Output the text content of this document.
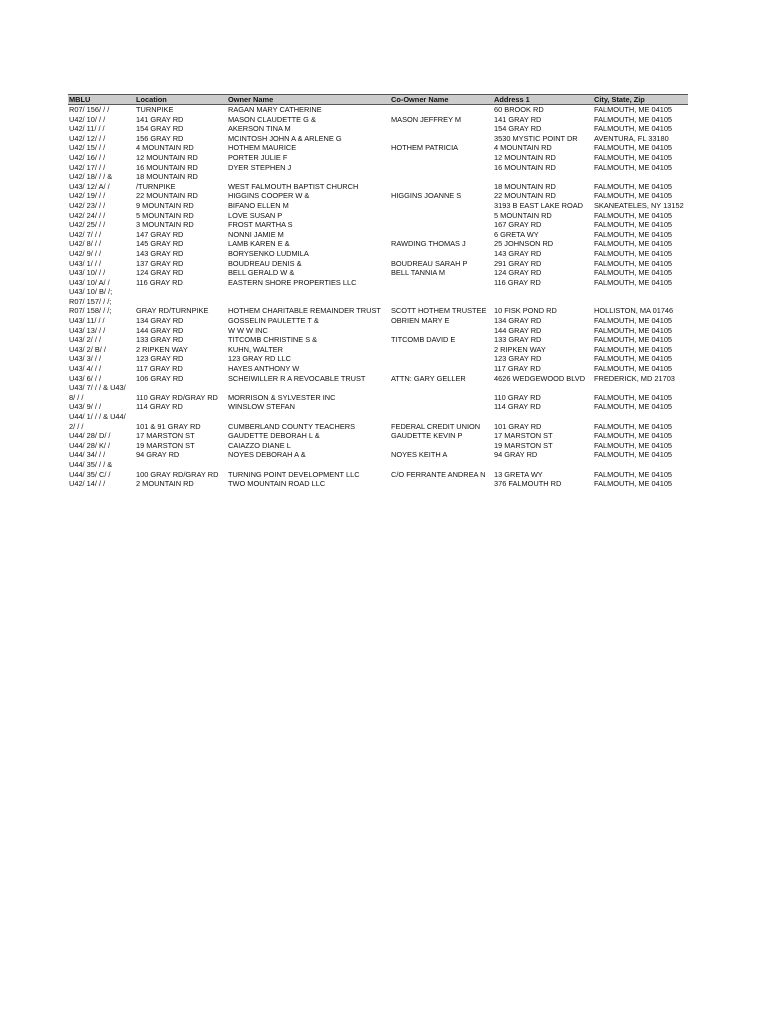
MBLU	Location	Owner Name	Co-Owner Name	Address 1	City, State, Zip
R07/ 156/ / /	TURNPIKE	RAGAN MARY CATHERINE		60 BROOK RD	FALMOUTH, ME 04105
U42/ 10/ / /	141 GRAY RD	MASON CLAUDETTE G &	MASON JEFFREY M	141 GRAY RD	FALMOUTH, ME 04105
U42/ 11/ / /	154 GRAY RD	AKERSON TINA M		154 GRAY RD	FALMOUTH, ME 04105
U42/ 12/ / /	156 GRAY RD	MCINTOSH JOHN A & ARLENE G		3530 MYSTIC POINT DR	AVENTURA, FL 33180
U42/ 15/ / /	4 MOUNTAIN RD	HOTHEM MAURICE	HOTHEM PATRICIA	4 MOUNTAIN RD	FALMOUTH, ME 04105
U42/ 16/ / /	12 MOUNTAIN RD	PORTER JULIE F		12 MOUNTAIN RD	FALMOUTH, ME 04105
U42/ 17/ / /	16 MOUNTAIN RD	DYER STEPHEN J		16 MOUNTAIN RD	FALMOUTH, ME 04105
U42/ 18/ / / &	18 MOUNTAIN RD				
U43/ 12/ A/ /	/TURNPIKE	WEST FALMOUTH BAPTIST CHURCH		18 MOUNTAIN RD	FALMOUTH, ME 04105
U42/ 19/ / /	22 MOUNTAIN RD	HIGGINS COOPER W &	HIGGINS JOANNE S	22 MOUNTAIN RD	FALMOUTH, ME 04105
U42/ 23/ / /	9 MOUNTAIN RD	BIFANO ELLEN M		3193 B EAST LAKE ROAD	SKANEATELES, NY 13152
U42/ 24/ / /	5 MOUNTAIN RD	LOVE SUSAN P		5 MOUNTAIN RD	FALMOUTH, ME 04105
U42/ 25/ / /	3 MOUNTAIN RD	FROST MARTHA S		167 GRAY RD	FALMOUTH, ME 04105
U42/ 7/ / /	147 GRAY RD	NONNI JAMIE M		6 GRETA WY	FALMOUTH, ME 04105
U42/ 8/ / /	145 GRAY RD	LAMB KAREN E &	RAWDING THOMAS J	25 JOHNSON RD	FALMOUTH, ME 04105
U42/ 9/ / /	143 GRAY RD	BORYSENKO LUDMILA		143 GRAY RD	FALMOUTH, ME 04105
U43/ 1/ / /	137 GRAY RD	BOUDREAU DENIS &	BOUDREAU SARAH P	291 GRAY RD	FALMOUTH, ME 04105
U43/ 10/ / /	124 GRAY RD	BELL GERALD W &	BELL TANNIA M	124 GRAY RD	FALMOUTH, ME 04105
U43/ 10/ A/ /	116 GRAY RD	EASTERN SHORE PROPERTIES LLC		116 GRAY RD	FALMOUTH, ME 04105
U43/ 10/ B/ /;					
R07/ 157/ / /;					
R07/ 158/ / /;	GRAY RD/TURNPIKE	HOTHEM CHARITABLE REMAINDER TRUST	SCOTT HOTHEM TRUSTEE	10 FISK POND RD	HOLLISTON, MA 01746
U43/ 11/ / /	134 GRAY RD	GOSSELIN PAULETTE T &	OBRIEN MARY E	134 GRAY RD	FALMOUTH, ME 04105
U43/ 13/ / /	144 GRAY RD	W W W INC		144 GRAY RD	FALMOUTH, ME 04105
U43/ 2/ / /	133 GRAY RD	TITCOMB CHRISTINE S &	TITCOMB DAVID E	133 GRAY RD	FALMOUTH, ME 04105
U43/ 2/ B/ /	2 RIPKEN WAY	KUHN, WALTER		2 RIPKEN WAY	FALMOUTH, ME 04105
U43/ 3/ / /	123 GRAY RD	123 GRAY RD LLC		123 GRAY RD	FALMOUTH, ME 04105
U43/ 4/ / /	117 GRAY RD	HAYES ANTHONY W		117 GRAY RD	FALMOUTH, ME 04105
U43/ 6/ / /	106 GRAY RD	SCHEIWILLER R A REVOCABLE TRUST	ATTN: GARY GELLER	4626 WEDGEWOOD BLVD	FREDERICK, MD 21703
U43/ 7/ / / & U43/					
8/ / /	110 GRAY RD/GRAY RD	MORRISON & SYLVESTER INC		110 GRAY RD	FALMOUTH, ME 04105
U43/ 9/ / /	114 GRAY RD	WINSLOW STEFAN		114 GRAY RD	FALMOUTH, ME 04105
U44/ 1/ / / & U44/					
2/ / /	101 & 91 GRAY RD	CUMBERLAND COUNTY TEACHERS	FEDERAL CREDIT UNION	101 GRAY RD	FALMOUTH, ME 04105
U44/ 28/ D/ /	17 MARSTON ST	GAUDETTE DEBORAH L &	GAUDETTE KEVIN P	17 MARSTON ST	FALMOUTH, ME 04105
U44/ 28/ K/ /	19 MARSTON ST	CAIAZZO DIANE L		19 MARSTON ST	FALMOUTH, ME 04105
U44/ 34/ / /	94 GRAY RD	NOYES DEBORAH A &	NOYES KEITH A	94 GRAY RD	FALMOUTH, ME 04105
U44/ 35/ / / &					
U44/ 35/ C/ /	100 GRAY RD/GRAY RD	TURNING POINT DEVELOPMENT LLC	C/O FERRANTE ANDREA N	13 GRETA WY	FALMOUTH, ME 04105
U42/ 14/ / /	2 MOUNTAIN RD	TWO MOUNTAIN ROAD LLC		376 FALMOUTH RD	FALMOUTH, ME 04105
